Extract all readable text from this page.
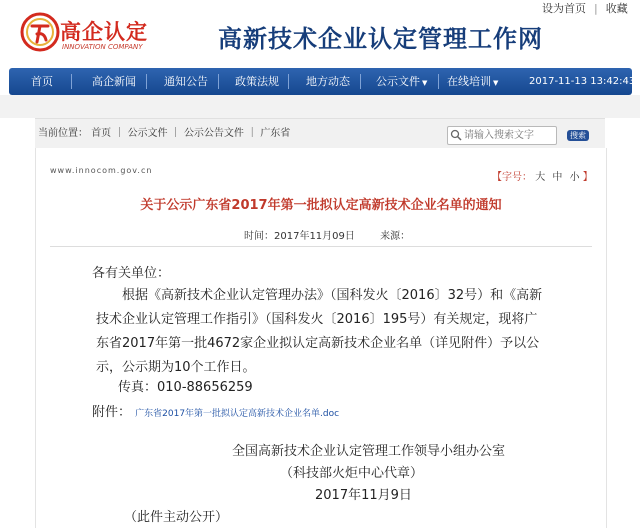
高企认定
INNOVATION COMPANY	高新技术企业认定管理工作网
设为首页 | 收藏
首页	高企新闻	通知公告 政策法规 地方动态 公示文件 ▼ 在线培训 ▼	2017-11-13 13:42:43
当前位置： 首页 ｜ 公示文件 ｜ 公示公告文件 ｜ 广东省
请输入搜索文字	搜索
www.innocom.gov.cn
【字号： 大 中 小 】
关于公示广东省2017年第一批拟认定高新技术企业名单的通知
时间：2017年11月09日	来源：
各有关单位：

根据《高新技术企业认定管理办法》（国科发火〔2016〕32号）和《高新

技术企业认定管理工作指引》（国科发火〔2016〕195号）有关规定，现将广

东省2017年第一批4672家企业拟认定高新技术企业名单（详见附件）予以公

示，公示期为10个工作日。

传真：010-88656259
附件： 广东省2017年第一批拟认定高新技术企业名单.doc
全国高新技术企业认定管理工作领导小组办公室
（科技部火炬中心代章）
2017年11月9日
（此件主动公开）
